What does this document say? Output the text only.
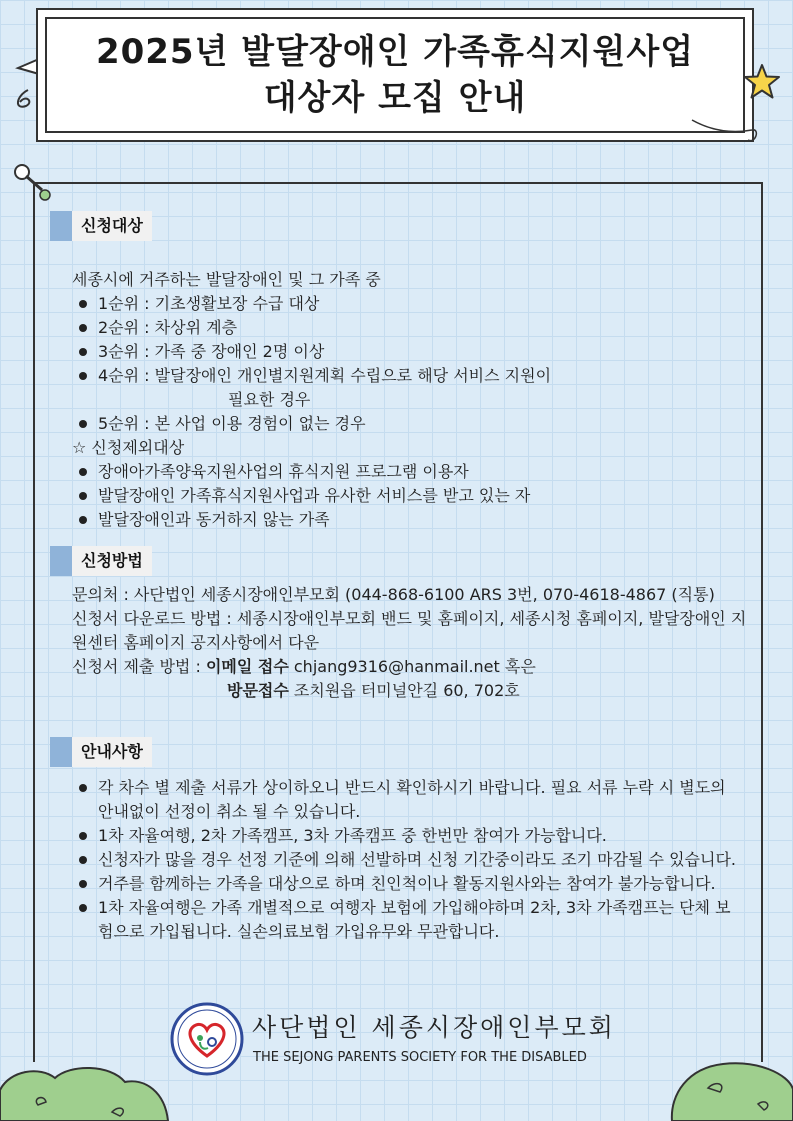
2025년 발달장애인 가족휴식지원사업
대상자 모집 안내
신청대상

세종시에 거주하는 발달장애인 및 그 가족 중

1순위 : 기초생활보장 수급 대상
2순위 : 차상위 계층
3순위 : 가족 중 장애인 2명 이상
4순위 : 발달장애인 개인별지원계획 수립으로 해당 서비스 지원이

필요한 경우

5순위 : 본 사업 이용 경험이 없는 경우

☆ 신청제외대상

장애아가족양육지원사업의 휴식지원 프로그램 이용자
발달장애인 가족휴식지원사업과 유사한 서비스를 받고 있는 자
발달장애인과 동거하지 않는 가족
신청방법

문의처 : 사단법인 세종시장애인부모회 (044-868-6100 ARS 3번, 070-4618-4867 (직통)

신청서 다운로드 방법 : 세종시장애인부모회 밴드 및 홈페이지, 세종시청 홈페이지, 발달장애인 지원센터 홈페이지 공지사항에서 다운

신청서 제출 방법 : 이메일 접수 chjang9316@hanmail.net 혹은

방문접수 조치원읍 터미널안길 60, 702호

안내사항
각 차수 별 제출 서류가 상이하오니 반드시 확인하시기 바랍니다. 필요 서류 누락 시 별도의 안내없이 선정이 취소 될 수 있습니다.
1차 자율여행, 2차 가족캠프, 3차 가족캠프 중 한번만 참여가 가능합니다.
신청자가 많을 경우 선정 기준에 의해 선발하며 신청 기간중이라도 조기 마감될 수 있습니다.
거주를 함께하는 가족을 대상으로 하며 친인척이나 활동지원사와는 참여가 불가능합니다.
1차 자율여행은 가족 개별적으로 여행자 보험에 가입해야하며 2차, 3차 가족캠프는 단체 보험으로 가입됩니다. 실손의료보험 가입유무와 무관합니다.
사단법인 세종시장애인부모회
THE SEJONG PARENTS SOCIETY FOR THE DISABLED
